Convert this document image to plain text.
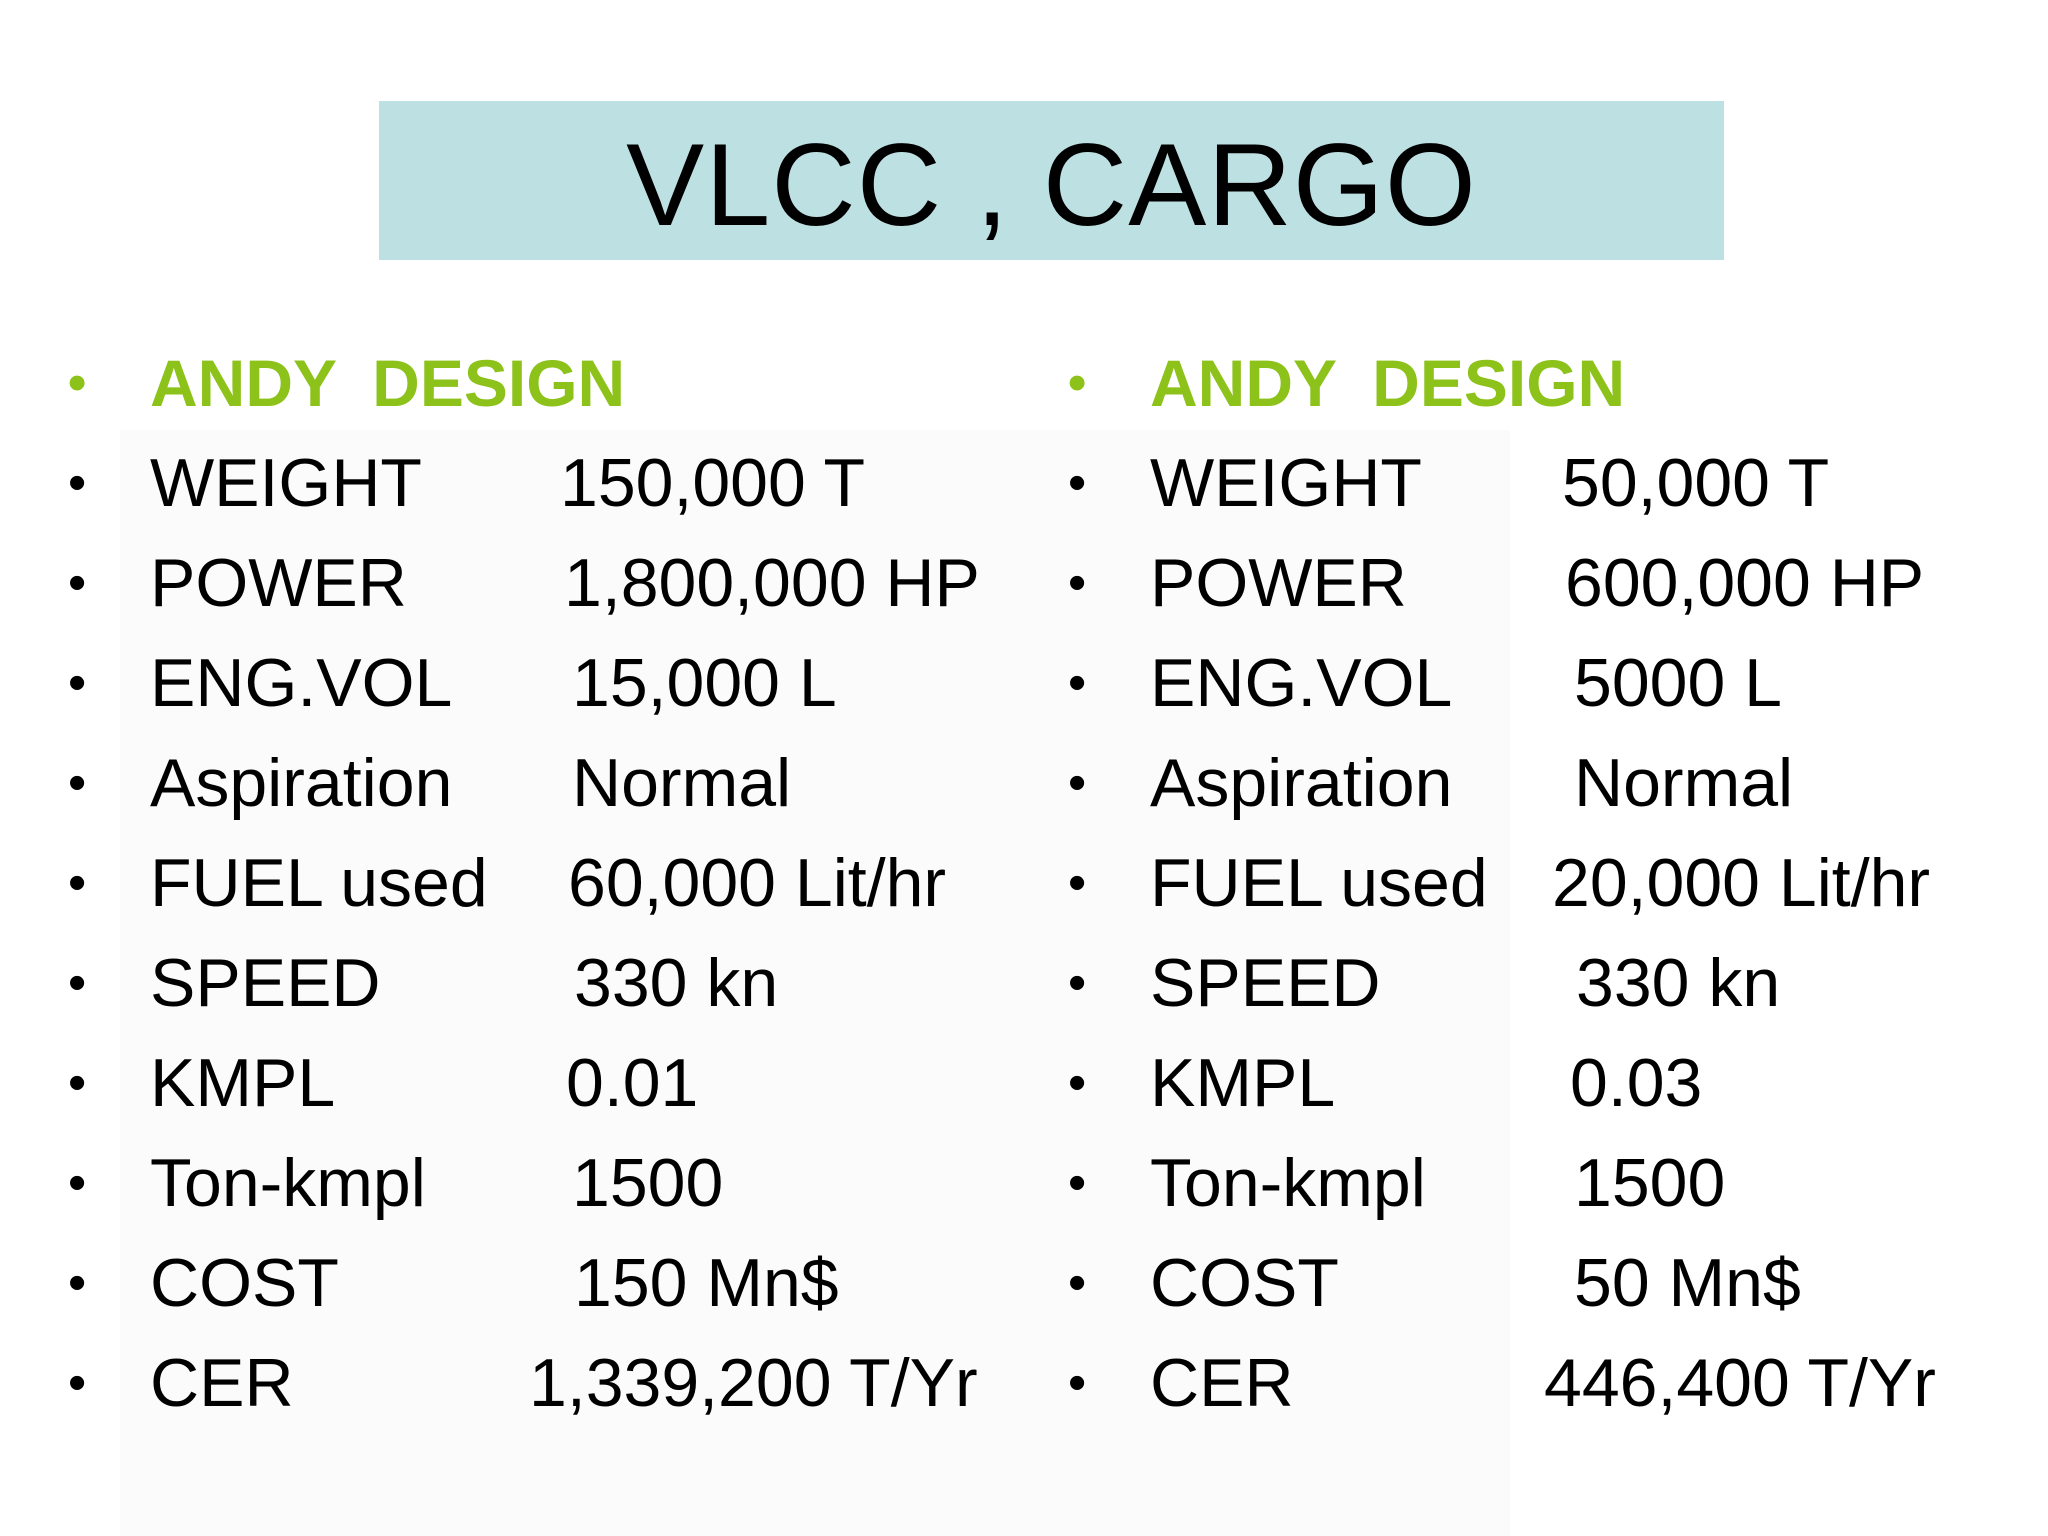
VLCC , CARGO
• ANDY DESIGN
• WEIGHT 150,000 T
• POWER 1,800,000 HP
• ENG.VOL 15,000 L
• Aspiration Normal
• FUEL used 60,000 Lit/hr
• SPEED	330 kn
• KMPL	0.01
• Ton-kmpl 1500
• COST	150 Mn$
• CER	1,339,200 T/Yr
• ANDY DESIGN
• WEIGHT 50,000 T
• POWER 600,000 HP
• ENG.VOL 5000 L
• Aspiration Normal
• FUEL used 20,000 Lit/hr
• SPEED	330 kn
• KMPL	0.03
• Ton-kmpl 1500
• COST	50 Mn$
• CER	446,400 T/Yr
